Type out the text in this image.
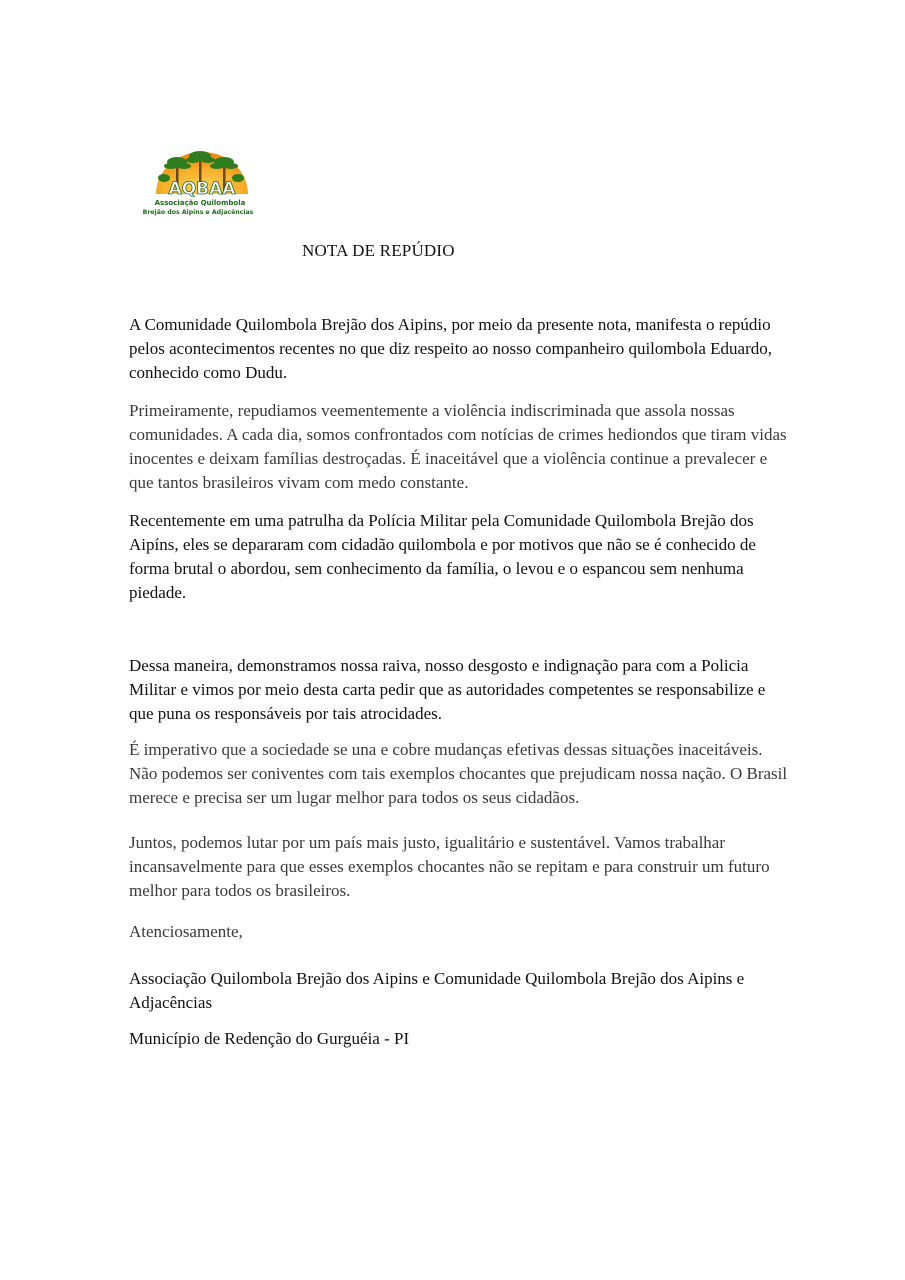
AQBAA
Associação Quilombola
Brejão dos Aipins e Adjacências
NOTA DE REPÚDIO

A Comunidade Quilombola Brejão dos Aipins, por meio da presente nota, manifesta o repúdio pelos acontecimentos recentes no que diz respeito ao nosso companheiro quilombola Eduardo, conhecido como Dudu.

Primeiramente, repudiamos veementemente a violência indiscriminada que assola nossas comunidades. A cada dia, somos confrontados com notícias de crimes hediondos que tiram vidas inocentes e deixam famílias destroçadas. É inaceitável que a violência continue a prevalecer e que tantos brasileiros vivam com medo constante.

Recentemente em uma patrulha da Polícia Militar pela Comunidade Quilombola Brejão dos Aipíns, eles se depararam com cidadão quilombola e por motivos que não se é conhecido de forma brutal o abordou, sem conhecimento da família, o levou e o espancou sem nenhuma piedade.

Dessa maneira, demonstramos nossa raiva, nosso desgosto e indignação para com a Policia Militar e vimos por meio desta carta pedir que as autoridades competentes se responsabilize e que puna os responsáveis por tais atrocidades.

É imperativo que a sociedade se una e cobre mudanças efetivas dessas situações inaceitáveis. Não podemos ser coniventes com tais exemplos chocantes que prejudicam nossa nação. O Brasil merece e precisa ser um lugar melhor para todos os seus cidadãos.

Juntos, podemos lutar por um país mais justo, igualitário e sustentável. Vamos trabalhar incansavelmente para que esses exemplos chocantes não se repitam e para construir um futuro melhor para todos os brasileiros.

Atenciosamente,

Associação Quilombola Brejão dos Aipins e Comunidade Quilombola Brejão dos Aipins e Adjacências

Município de Redenção do Gurguéia - PI
